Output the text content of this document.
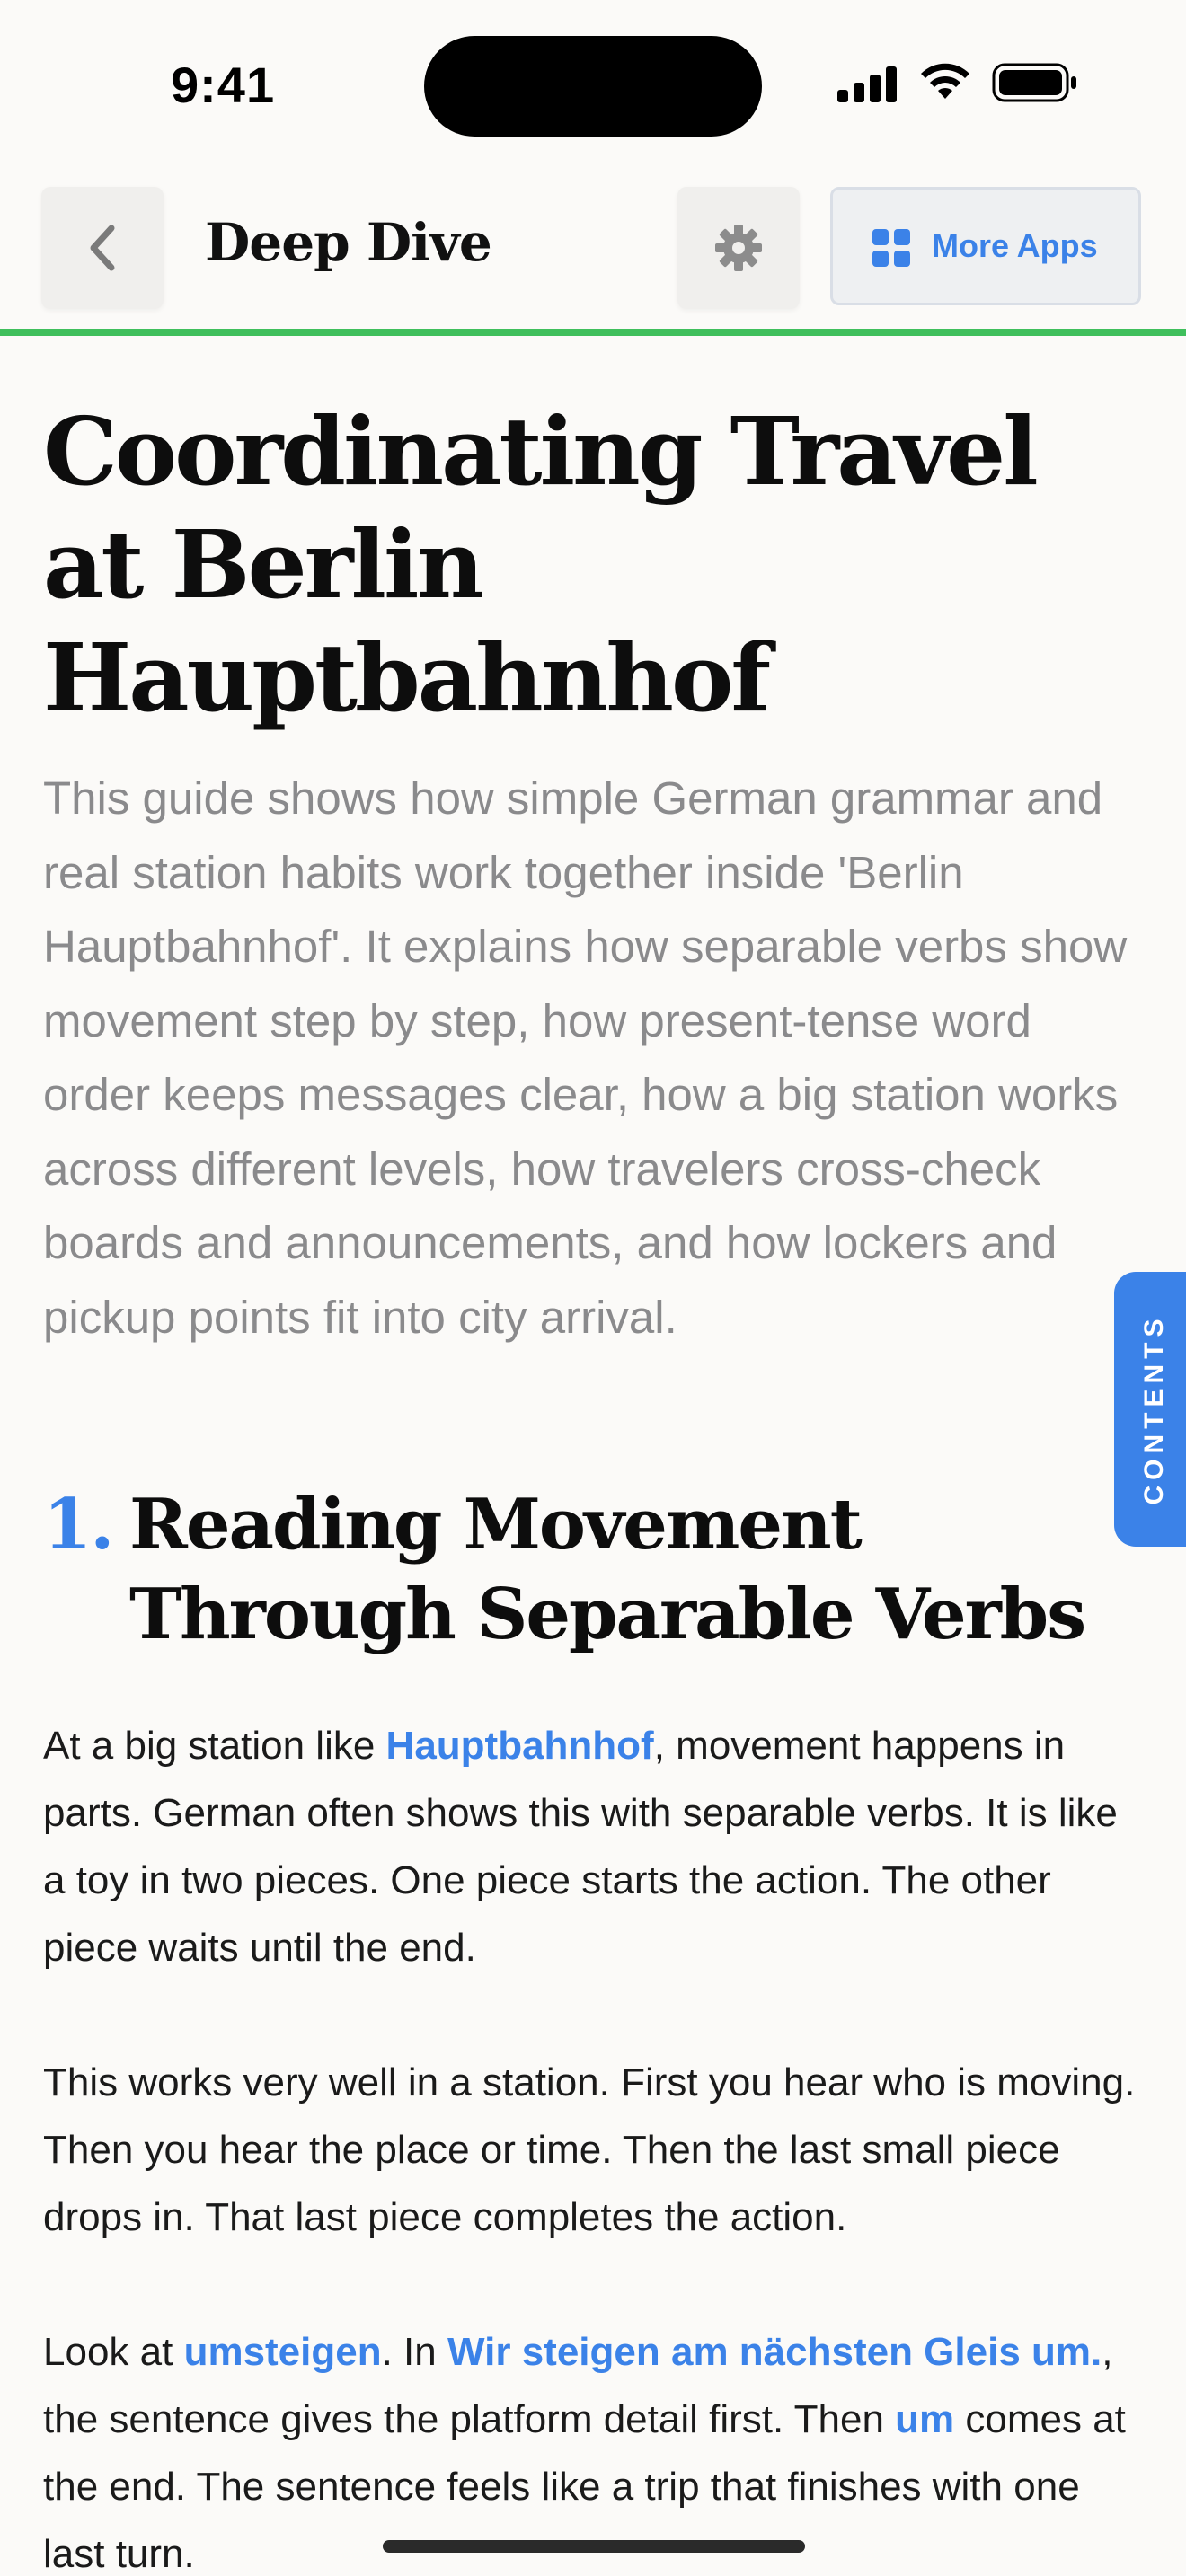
9:41
Deep Dive	More Apps
Coordinating Travel at Berlin Hauptbahnhof

This guide shows how simple German grammar and real station habits work together inside 'Berlin Hauptbahnhof'. It explains how separable verbs show movement step by step, how present-tense word order keeps messages clear, how a big station works across different levels, how travelers cross-check boards and announcements, and how lockers and pickup points fit into city arrival.

1. Reading Movement Through Separable Verbs

At a big station like Hauptbahnhof, movement happens in parts. German often shows this with separable verbs. It is like a toy in two pieces. One piece starts the action. The other piece waits until the end.

This works very well in a station. First you hear who is moving. Then you hear the place or time. Then the last small piece drops in. That last piece completes the action.

Look at umsteigen. In Wir steigen am nächsten Gleis um., the sentence gives the platform detail first. Then um comes at the end. The sentence feels like a trip that finishes with one last turn.

CONTENTS
